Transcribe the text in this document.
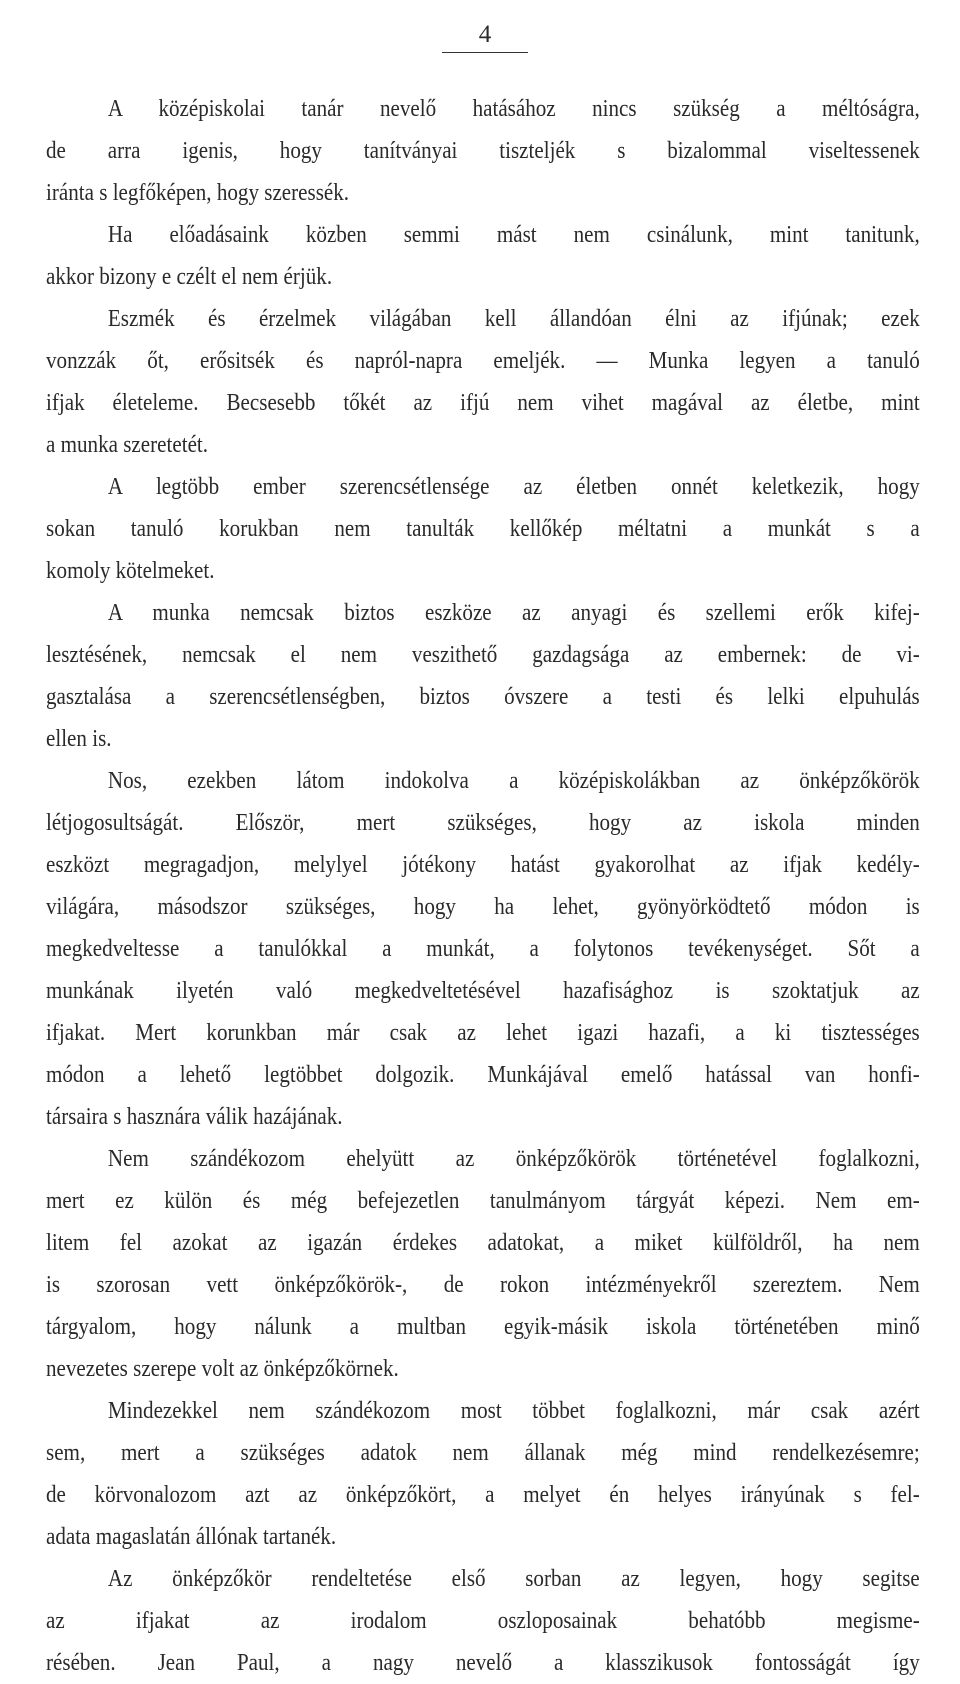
4
A középiskolai tanár nevelő hatásához nincs szükség a méltóságra,
de arra igenis, hogy tanítványai tiszteljék s bizalommal viseltessenek
iránta s legfőképen, hogy szeressék.
Ha előadásaink közben semmi mást nem csinálunk, mint tanitunk,
akkor bizony e czélt el nem érjük.
Eszmék és érzelmek világában kell állandóan élni az ifjúnak; ezek
vonzzák őt, erősitsék és napról-napra emeljék. — Munka legyen a tanuló
ifjak életeleme. Becsesebb tőkét az ifjú nem vihet magával az életbe, mint
a munka szeretetét.
A legtöbb ember szerencsétlensége az életben onnét keletkezik, hogy
sokan tanuló korukban nem tanulták kellőkép méltatni a munkát s a
komoly kötelmeket.
A munka nemcsak biztos eszköze az anyagi és szellemi erők kifej-
lesztésének, nemcsak el nem veszithető gazdagsága az embernek: de vi-
gasztalása a szerencsétlenségben, biztos óvszere a testi és lelki elpuhulás
ellen is.
Nos, ezekben látom indokolva a középiskolákban az önképzőkörök
létjogosultságát. Először, mert szükséges, hogy az iskola minden
eszközt megragadjon, melylyel jótékony hatást gyakorolhat az ifjak kedély-
világára, másodszor szükséges, hogy ha lehet, gyönyörködtető módon is
megkedveltesse a tanulókkal a munkát, a folytonos tevékenységet. Sőt a
munkának ilyetén való megkedveltetésével hazafisághoz is szoktatjuk az
ifjakat. Mert korunkban már csak az lehet igazi hazafi, a ki tisztességes
módon a lehető legtöbbet dolgozik. Munkájával emelő hatással van honfi-
társaira s hasznára válik hazájának.
Nem szándékozom ehelyütt az önképzőkörök történetével foglalkozni,
mert ez külön és még befejezetlen tanulmányom tárgyát képezi. Nem em-
litem fel azokat az igazán érdekes adatokat, a miket külföldről, ha nem
is szorosan vett önképzőkörök-, de rokon intézményekről szereztem. Nem
tárgyalom, hogy nálunk a multban egyik-másik iskola történetében minő
nevezetes szerepe volt az önképzőkörnek.
Mindezekkel nem szándékozom most többet foglalkozni, már csak azért
sem, mert a szükséges adatok nem állanak még mind rendelkezésemre;
de körvonalozom azt az önképzőkört, a melyet én helyes irányúnak s fel-
adata magaslatán állónak tartanék.
Az önképzőkör rendeltetése első sorban az legyen, hogy segitse
az ifjakat az irodalom oszloposainak behatóbb megisme-
résében. Jean Paul, a nagy nevelő a klasszikusok fontosságát így
